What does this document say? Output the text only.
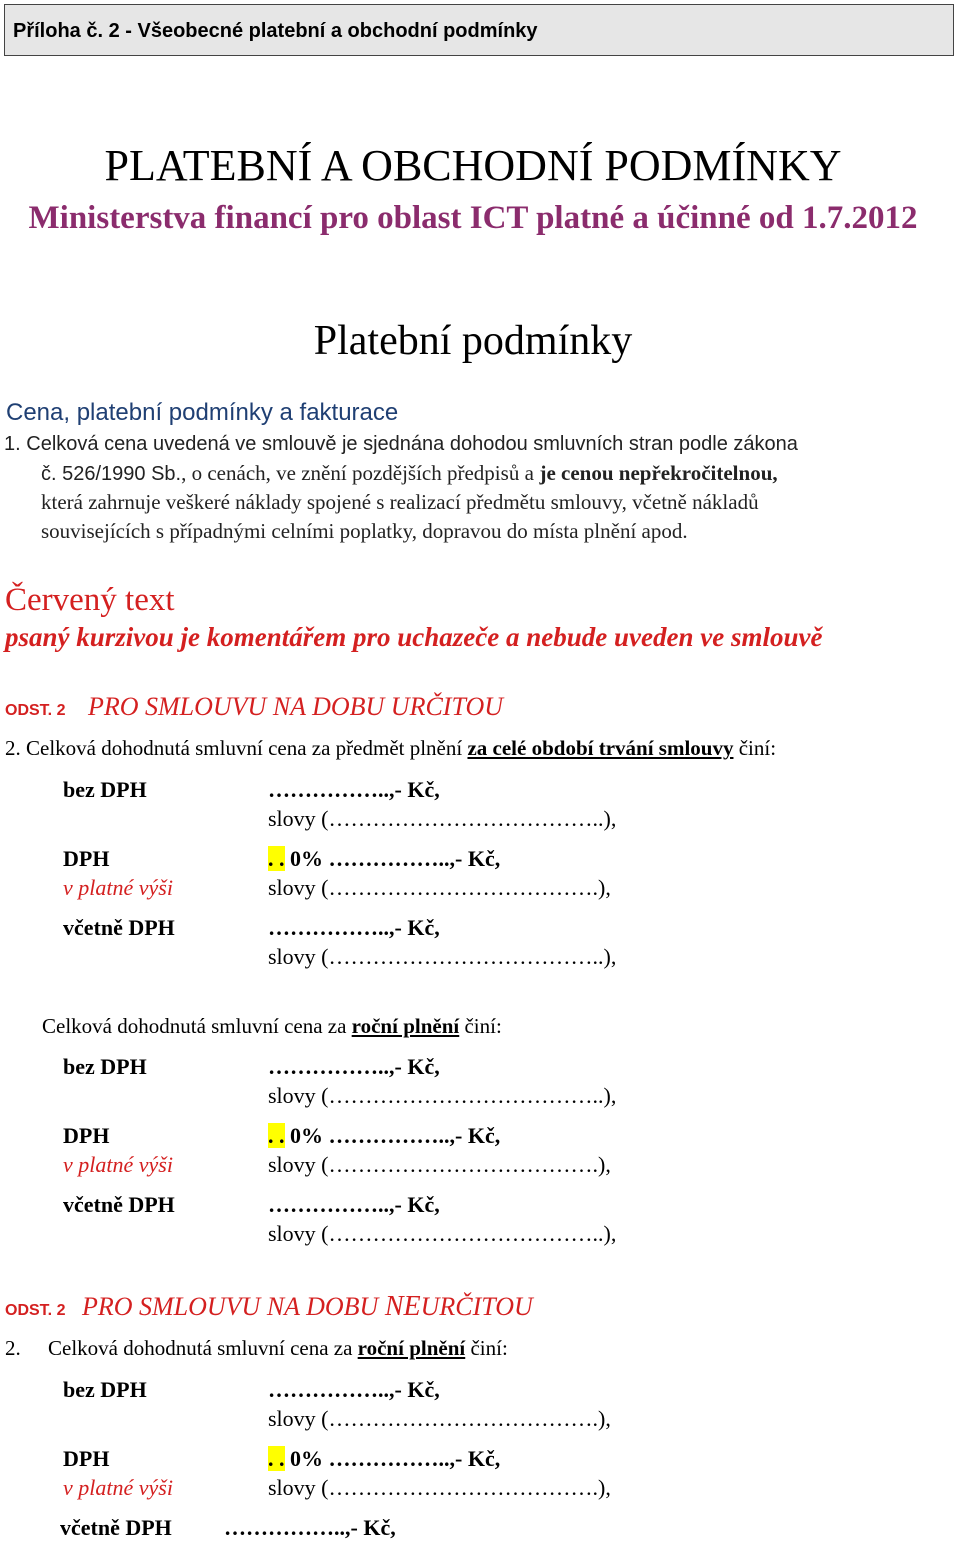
Příloha č. 2 - Všeobecné platební a obchodní podmínky
PLATEBNÍ A OBCHODNÍ PODMÍNKY
Ministerstva financí pro oblast ICT platné a účinné od 1.7.2012
Platební podmínky
Cena, platební podmínky a fakturace
1. Celková cena uvedená ve smlouvě je sjednána dohodou smluvních stran podle zákona
č. 526/1990 Sb., o cenách, ve znění pozdějších předpisů a je cenou nepřekročitelnou,
která zahrnuje veškeré náklady spojené s realizací předmětu smlouvy, včetně nákladů
souvisejících s případnými celními poplatky, dopravou do místa plnění apod.
Červený text
psaný kurzivou je komentářem pro uchazeče a nebude uveden ve smlouvě
ODST. 2 PRO SMLOUVU NA DOBU URČITOU
2. Celková dohodnutá smluvní cena za předmět plnění za celé období trvání smlouvy činí:
bez DPH	……………..,- Kč,
slovy (………………………………..),
DPH	. . 0% ……………..,- Kč,
v platné výši	slovy (……………………………….),
včetně DPH	……………..,- Kč,
slovy (………………………………..),
Celková dohodnutá smluvní cena za roční plnění činí:
bez DPH	……………..,- Kč,
slovy (………………………………..),
DPH	. . 0% ……………..,- Kč,
v platné výši	slovy (……………………………….),
včetně DPH	……………..,- Kč,
slovy (………………………………..),
ODST. 2 PRO SMLOUVU NA DOBU NEURČITOU
2. Celková dohodnutá smluvní cena za roční plnění činí:
bez DPH	……………..,- Kč,
slovy (……………………………….),
DPH	. . 0% ……………..,- Kč,
v platné výši	slovy (……………………………….),
včetně DPH ……………..,- Kč,
